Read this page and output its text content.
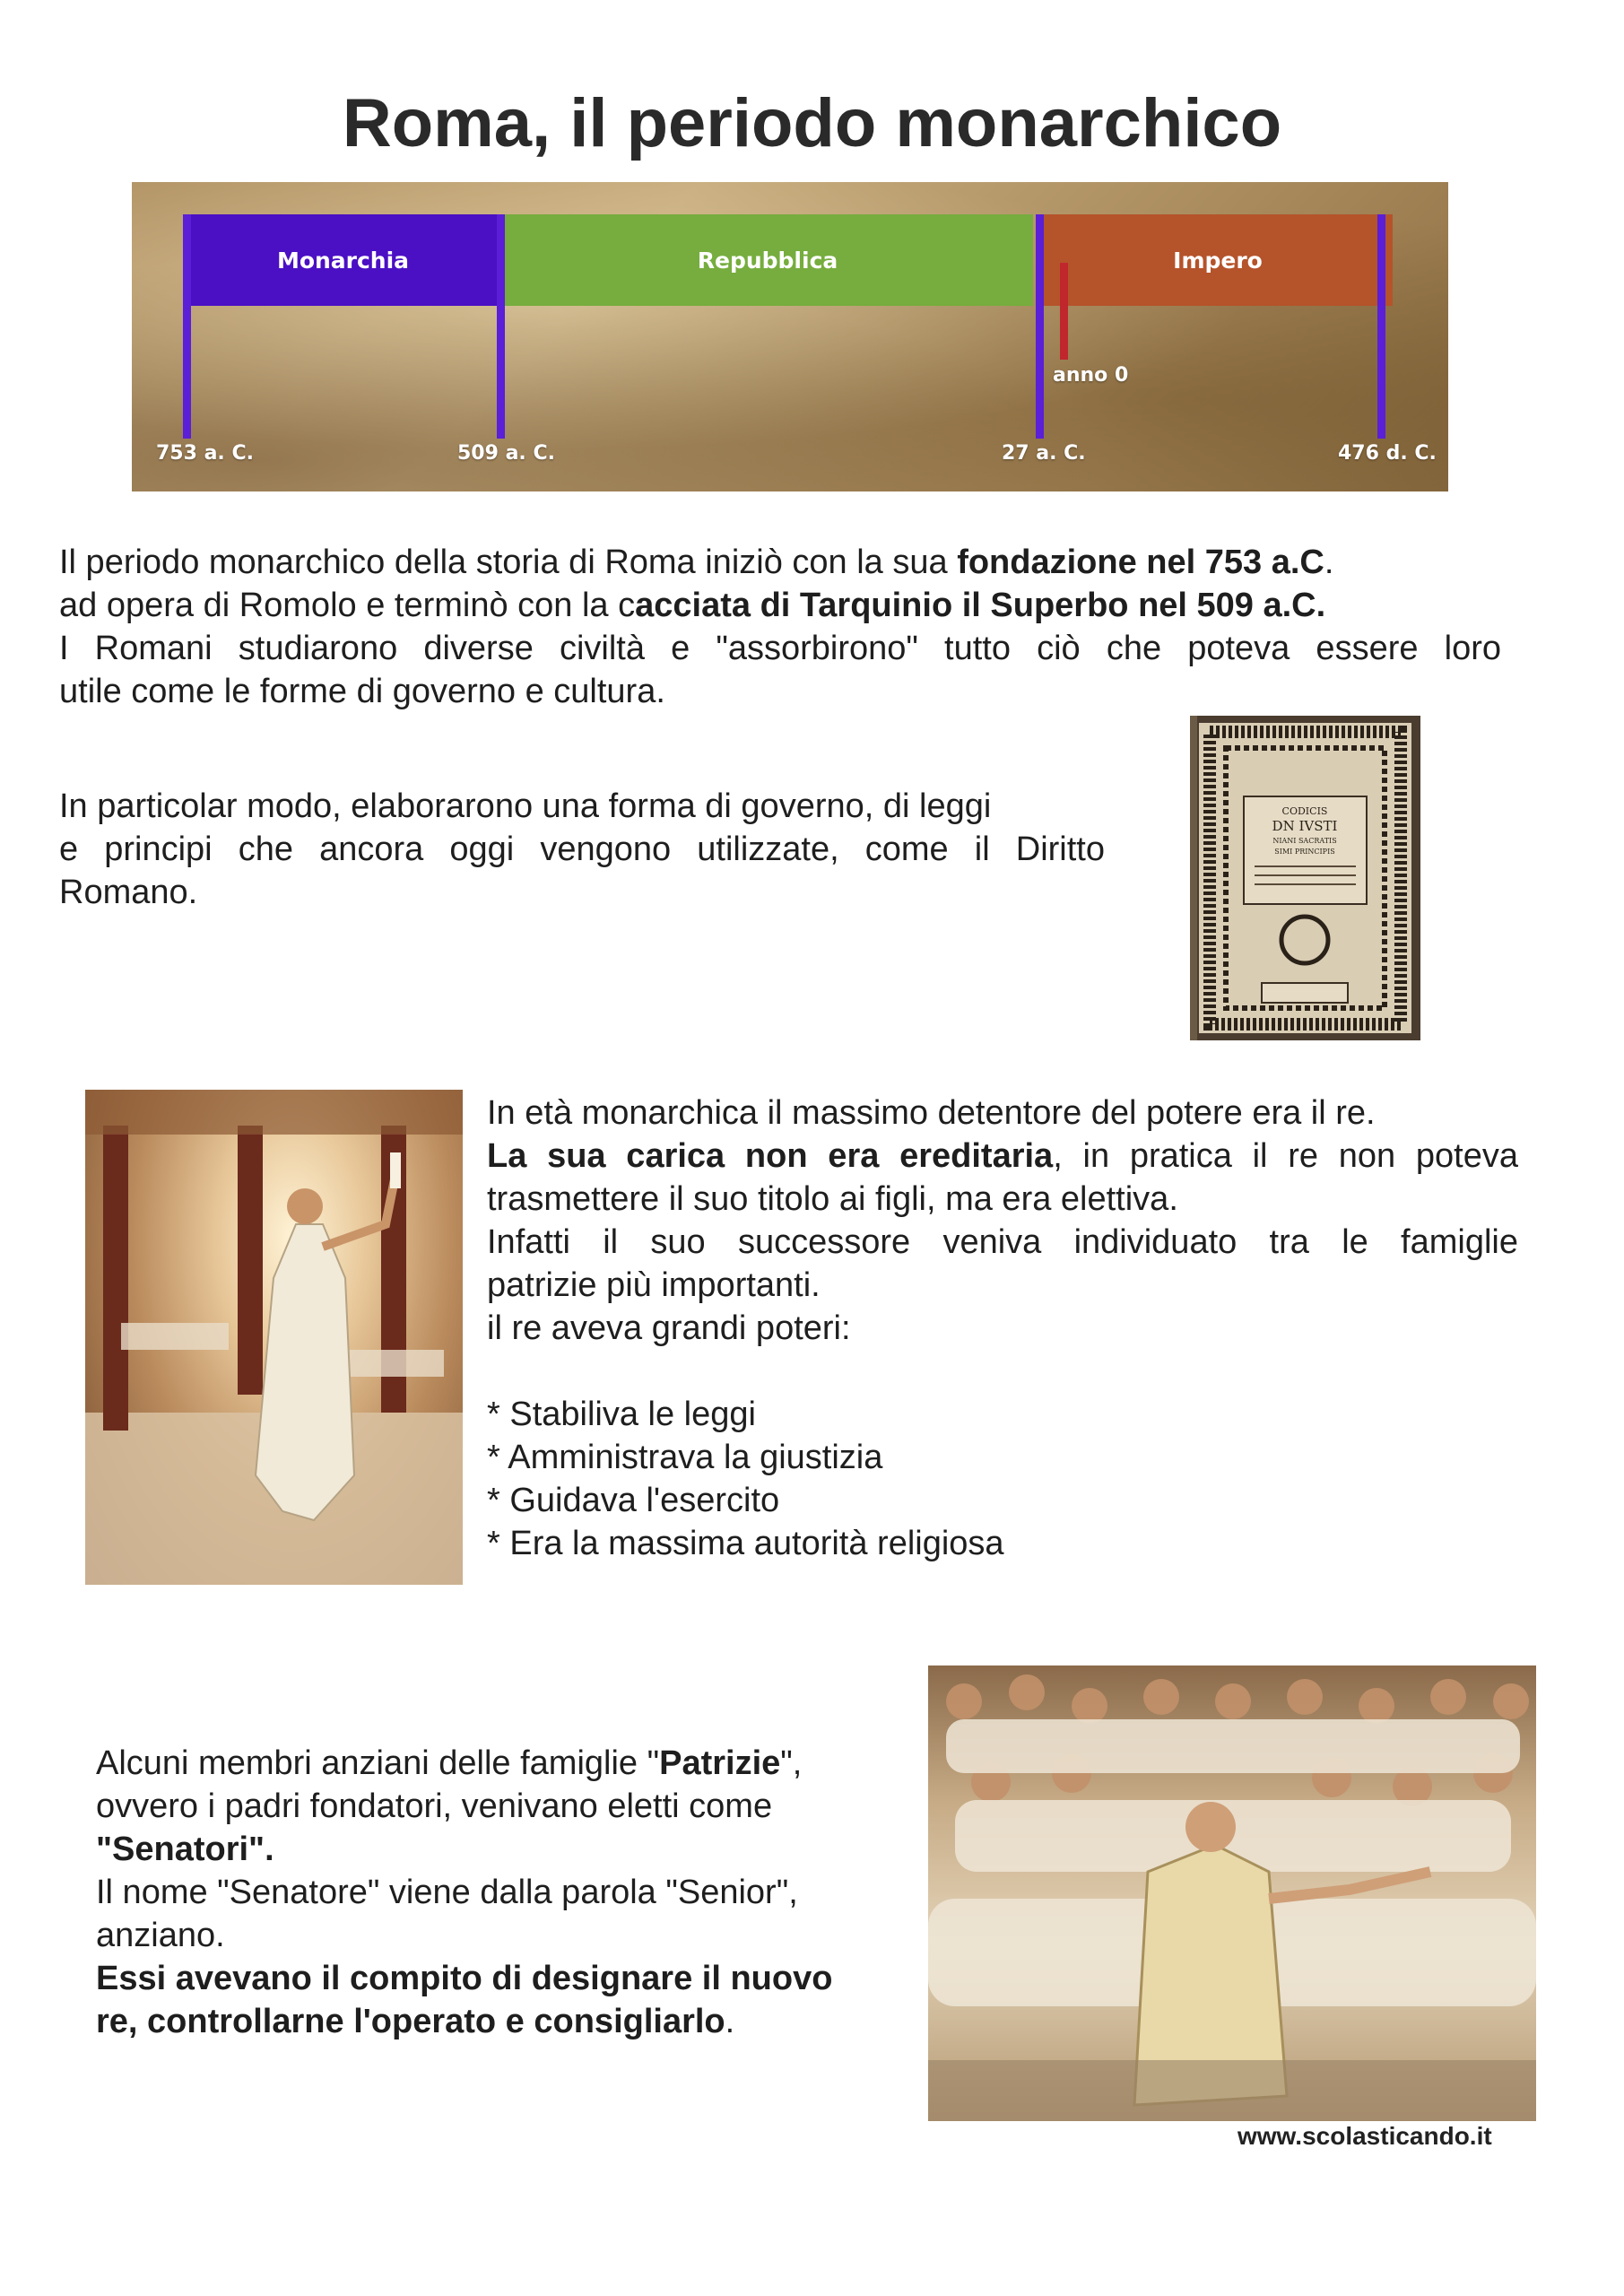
Roma, il periodo monarchico
Monarchia	Repubblica	Impero
anno 0
753 a. C.	509 a. C.	27 a. C.	476 d. C.

Il periodo monarchico della storia di Roma iniziò con la sua fondazione nel 753 a.C.

ad opera di Romolo e terminò con la cacciata di Tarquinio il Superbo nel 509 a.C.

I Romani studiarono diverse civiltà e "assorbirono" tutto ciò che poteva essere loro

utile come le forme di governo e cultura.

In particolar modo, elaborarono una forma di governo, di leggi

e principi che ancora oggi vengono utilizzate, come il Diritto

Romano.

CODICIS
DN IVSTI
NIANI SACRATIS
SIMI PRINCIPIS

In età monarchica il massimo detentore del potere era il re.

La sua carica non era ereditaria, in pratica il re non poteva

trasmettere il suo titolo ai figli, ma era elettiva.

Infatti il suo successore veniva individuato tra le famiglie

patrizie più importanti.

il re aveva grandi poteri:

* Stabiliva le leggi
* Amministrava la giustizia
* Guidava l'esercito
* Era la massima autorità religiosa

Alcuni membri anziani delle famiglie "Patrizie",

ovvero i padri fondatori, venivano eletti come

"Senatori".

Il nome "Senatore" viene dalla parola "Senior",

anziano.

Essi avevano il compito di designare il nuovo

re, controllarne l'operato e consigliarlo.

www.scolasticando.it
